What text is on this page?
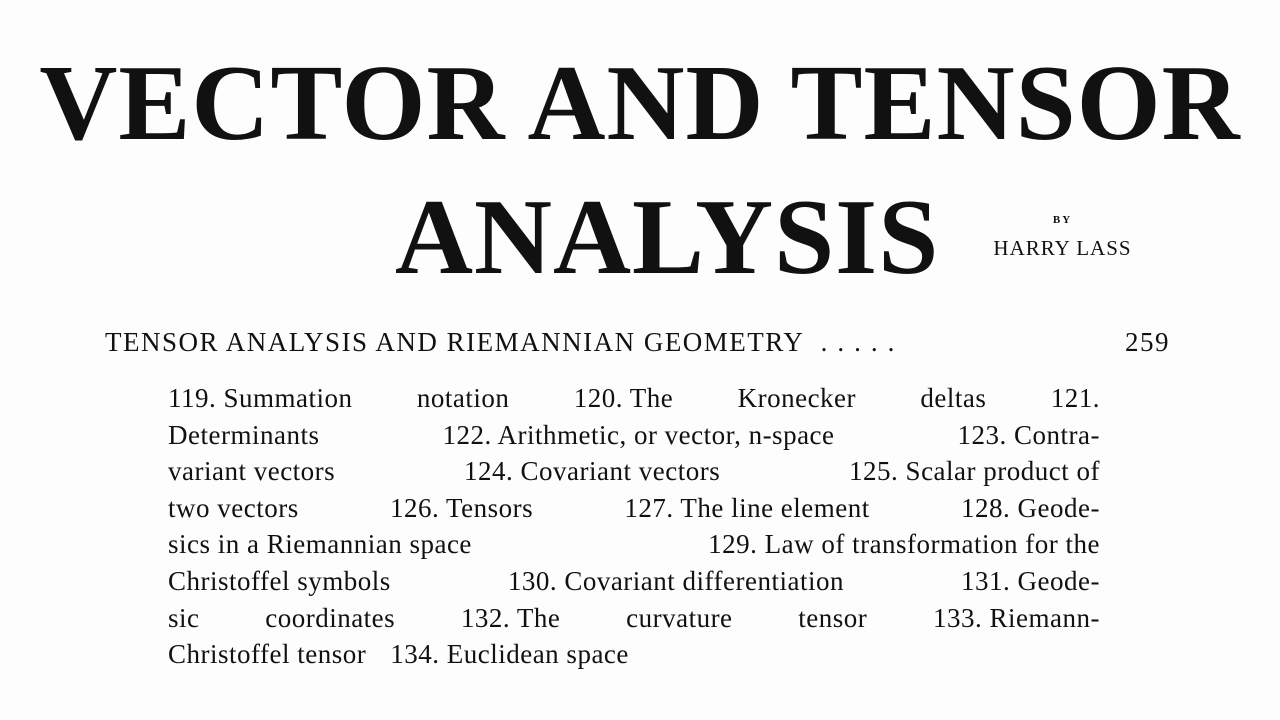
VECTOR AND TENSOR
ANALYSIS	BY
HARRY LASS
TENSOR ANALYSIS AND RIEMANNIAN GEOMETRY .....	259
119. Summation notation 120. The Kronecker deltas 121.
Determinants	122. Arithmetic, or vector, n-space	123. Contra-
variant vectors	124. Covariant vectors	125. Scalar product of
two vectors	126. Tensors	127. The line element	128. Geode-
sics in a Riemannian space	129. Law of transformation for the
Christoffel symbols	130. Covariant differentiation	131. Geode-
sic coordinates 132. The curvature tensor 133. Riemann-
Christoffel tensor 134. Euclidean space
